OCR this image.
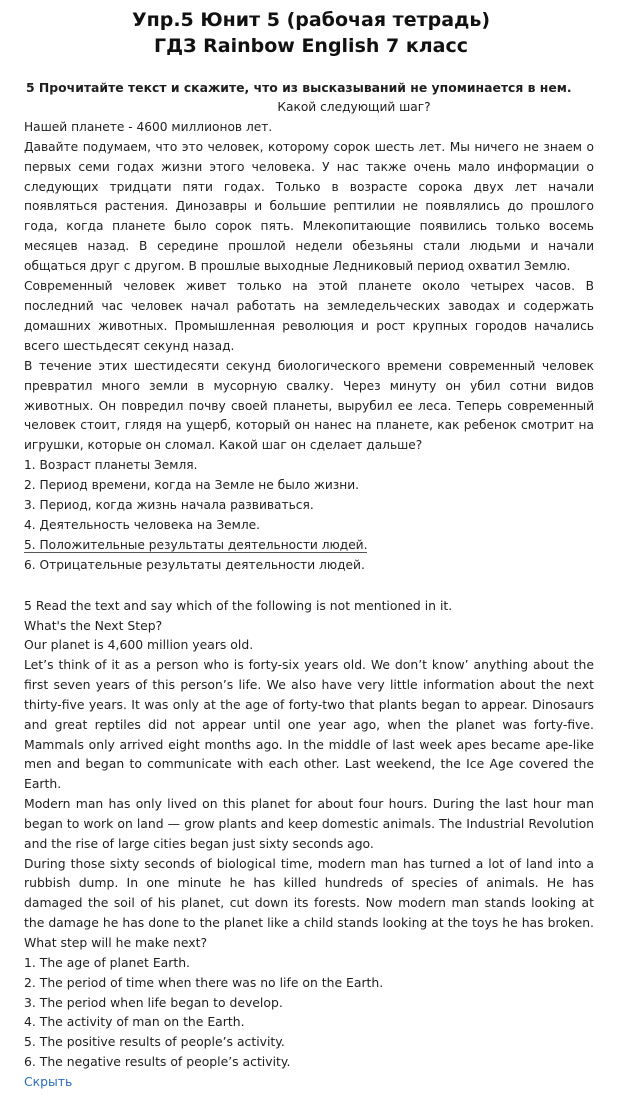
Упр.5 Юнит 5 (рабочая тетрадь)
ГДЗ Rainbow English 7 класс
5 Прочитайте текст и скажите, что из высказываний не упоминается в нем.
Какой следующий шаг?

Нашей планете - 4600 миллионов лет.

Давайте подумаем, что это человек, которому сорок шесть лет. Мы ничего не знаем о первых семи годах жизни этого человека. У нас также очень мало информации о следующих тридцати пяти годах. Только в возрасте сорока двух лет начали появляться растения. Динозавры и большие рептилии не появлялись до прошлого года, когда планете было сорок пять. Млекопитающие появились только восемь месяцев назад. В середине прошлой недели обезьяны стали людьми и начали общаться друг с другом. В прошлые выходные Ледниковый период охватил Землю.

Современный человек живет только на этой планете около четырех часов. В последний час человек начал работать на земледельческих заводах и содержать домашних животных. Промышленная революция и рост крупных городов начались всего шестьдесят секунд назад.

В течение этих шестидесяти секунд биологического времени современный человек превратил много земли в мусорную свалку. Через минуту он убил сотни видов животных. Он повредил почву своей планеты, вырубил ее леса. Теперь современный человек стоит, глядя на ущерб, который он нанес на планете, как ребенок смотрит на игрушки, которые он сломал. Какой шаг он сделает дальше?

1. Возраст планеты Земля.
2. Период времени, когда на Земле не было жизни.
3. Период, когда жизнь начала развиваться.
4. Деятельность человека на Земле.
5. Положительные результаты деятельности людей.
6. Отрицательные результаты деятельности людей.
5 Read the text and say which of the following is not mentioned in it.
What's the Next Step?

Our planet is 4,600 million years old.

Let’s think of it as a person who is forty-six years old. We don’t know’ anything about the first seven years of this person’s life. We also have very little information about the next thirty-five years. It was only at the age of forty-two that plants began to appear. Dinosaurs and great reptiles did not appear until one year ago, when the planet was forty-five. Mammals only arrived eight months ago. In the middle of last week apes became ape-like men and began to communicate with each other. Last weekend, the Ice Age covered the Earth.

Modern man has only lived on this planet for about four hours. During the last hour man began to work on land — grow plants and keep domestic animals. The Industrial Revolution and the rise of large cities began just sixty seconds ago.

During those sixty seconds of biological time, modern man has turned a lot of land into a rubbish dump. In one minute he has killed hundreds of species of animals. He has damaged the soil of his planet, cut down its forests. Now modern man stands looking at the damage he has done to the planet like a child stands looking at the toys he has broken. What step will he make next?

1. The age of planet Earth.
2. The period of time when there was no life on the Earth.
3. The period when life began to develop.
4. The activity of man on the Earth.
5. The positive results of people’s activity.
6. The negative results of people’s activity.
Скрыть
